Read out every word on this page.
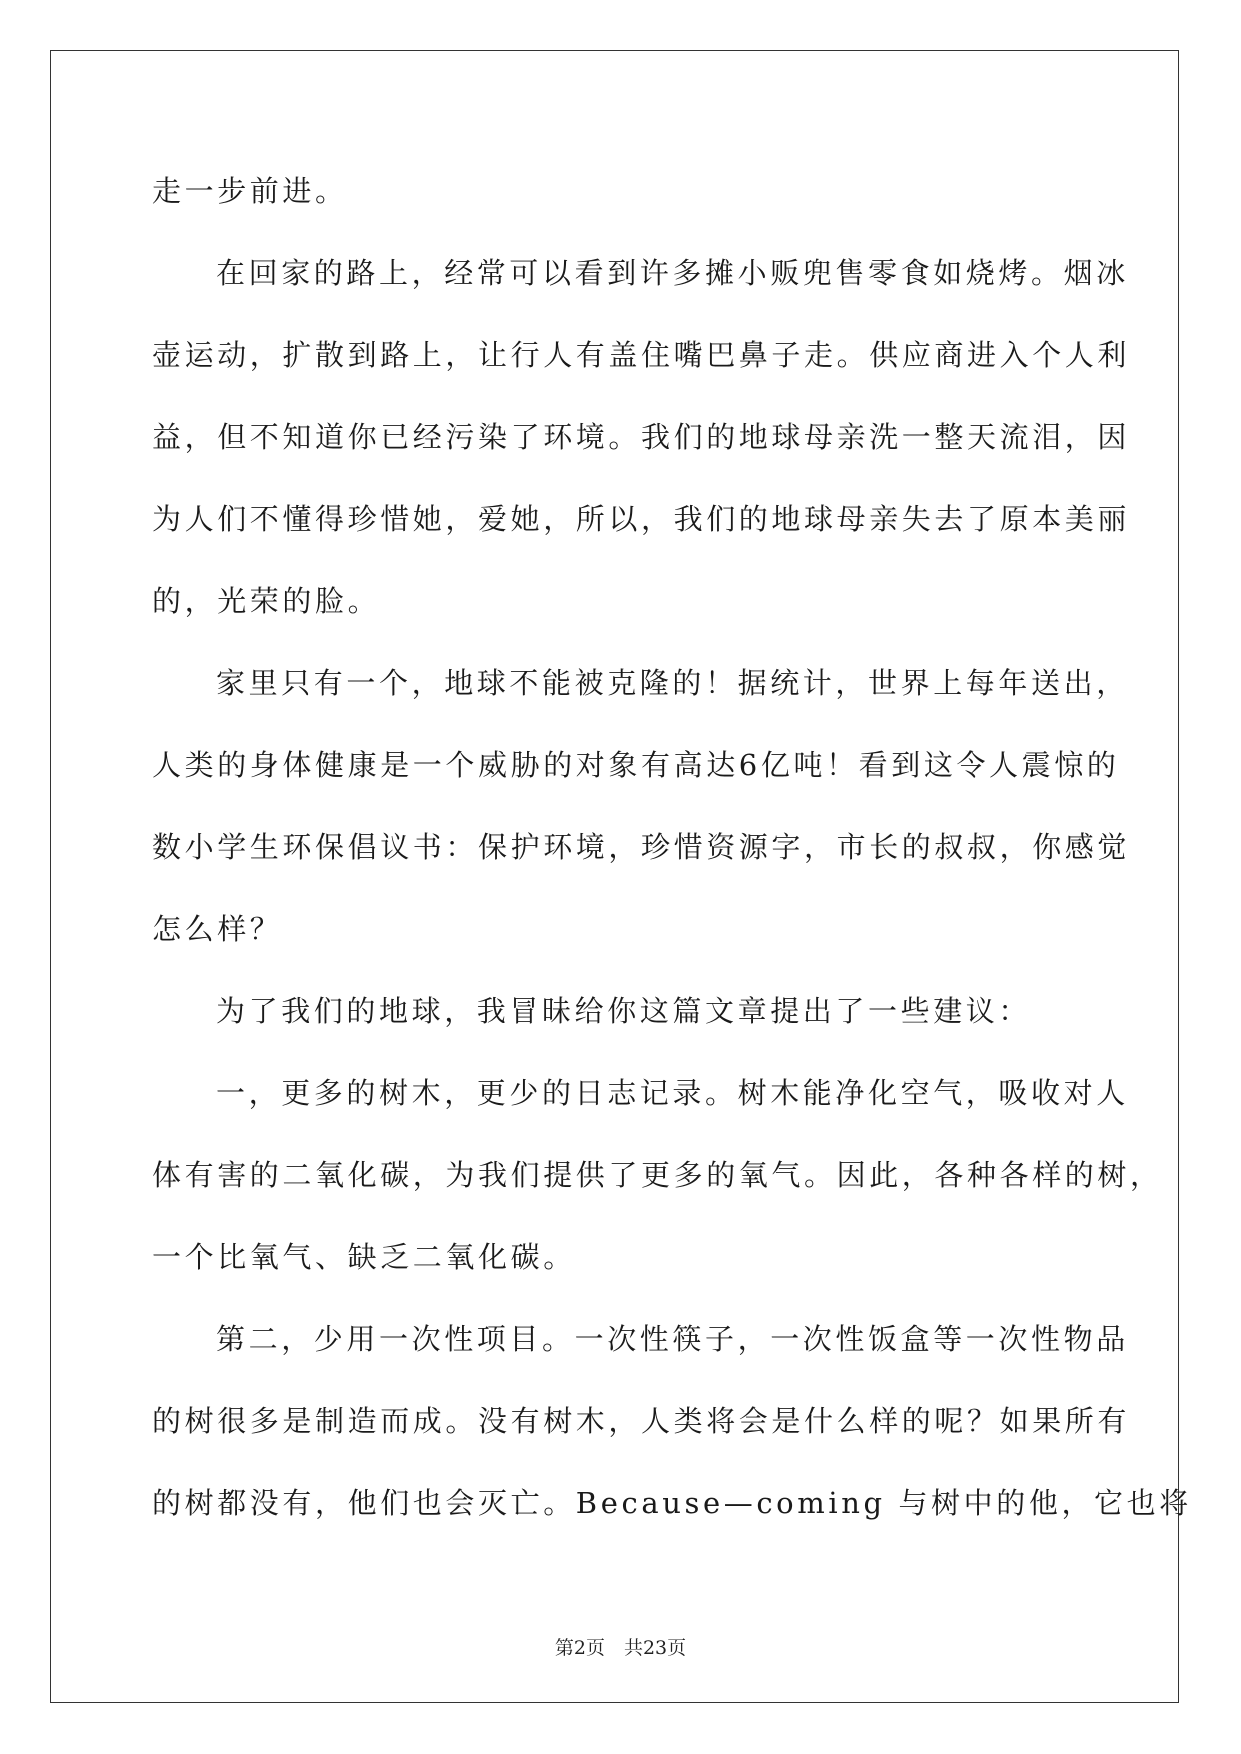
走一步前进。
在回家的路上，经常可以看到许多摊小贩兜售零食如烧烤。烟冰
壶运动，扩散到路上，让行人有盖住嘴巴鼻子走。供应商进入个人利
益，但不知道你已经污染了环境。我们的地球母亲洗一整天流泪，因
为人们不懂得珍惜她，爱她，所以，我们的地球母亲失去了原本美丽
的，光荣的脸。
家里只有一个，地球不能被克隆的！据统计，世界上每年送出，
人类的身体健康是一个威胁的对象有高达6亿吨！看到这令人震惊的
数小学生环保倡议书：保护环境，珍惜资源字，市长的叔叔，你感觉
怎么样？
为了我们的地球，我冒昧给你这篇文章提出了一些建议：
一，更多的树木，更少的日志记录。树木能净化空气，吸收对人
体有害的二氧化碳，为我们提供了更多的氧气。因此，各种各样的树，
一个比氧气、缺乏二氧化碳。
第二，少用一次性项目。一次性筷子，一次性饭盒等一次性物品
的树很多是制造而成。没有树木，人类将会是什么样的呢？如果所有
的树都没有，他们也会灭亡。Because—coming 与树中的他，它也将
第2页　共23页
